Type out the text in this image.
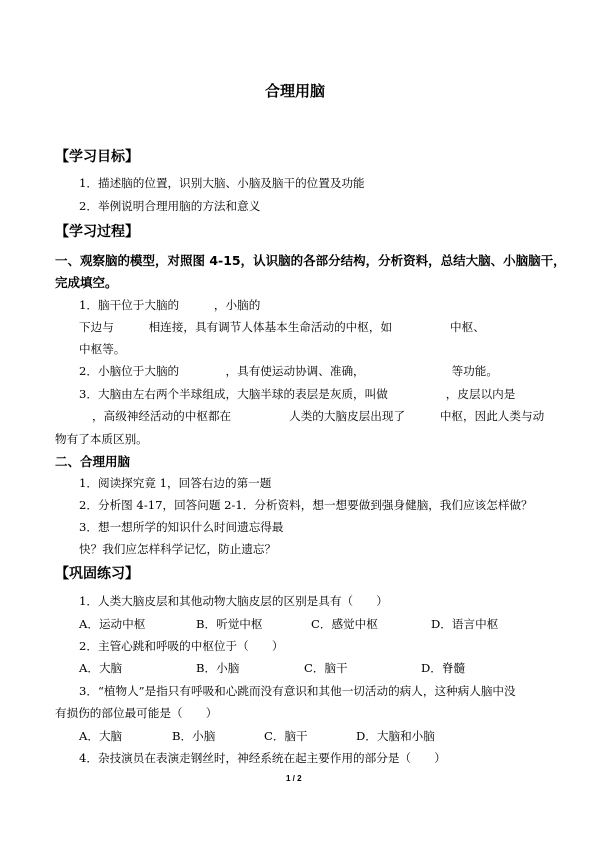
合理用脑
【学习目标】
1．描述脑的位置，识别大脑、小脑及脑干的位置及功能
2．举例说明合理用脑的方法和意义
【学习过程】
一、观察脑的模型，对照图 4-15，认识脑的各部分结构，分析资料，总结大脑、小脑脑干，
完成填空。
1．脑干位于大脑的　　　，小脑的
下边与　　　相连接，具有调节人体基本生命活动的中枢，如　　　　　中枢、
中枢等。
2．小脑位于大脑的　　　　，具有使运动协调、准确，　　　　　　　　等功能。
3．大脑由左右两个半球组成，大脑半球的表层是灰质，叫做　　　　　，皮层以内是
，高级神经活动的中枢都在　　　　　人类的大脑皮层出现了　　　中枢，因此人类与动
物有了本质区别。
二、合理用脑
1．阅读探究竟 1，回答右边的第一题
2．分析图 4-17，回答问题 2-1．分析资料，想一想要做到强身健脑，我们应该怎样做？
3．想一想所学的知识什么时间遗忘得最
快？我们应怎样科学记忆，防止遗忘？
【巩固练习】
1．人类大脑皮层和其他动物大脑皮层的区别是具有（　　）
A．运动中枢	B．听觉中枢	C．感觉中枢	D．语言中枢
2．主管心跳和呼吸的中枢位于（　　）
A．大脑	B．小脑	C．脑干	D．脊髓
3．“植物人”是指只有呼吸和心跳而没有意识和其他一切活动的病人，这种病人脑中没
有损伤的部位最可能是（　　）
A．大脑	B．小脑	C．脑干	D．大脑和小脑
4．杂技演员在表演走钢丝时，神经系统在起主要作用的部分是（　　）
1 / 2
